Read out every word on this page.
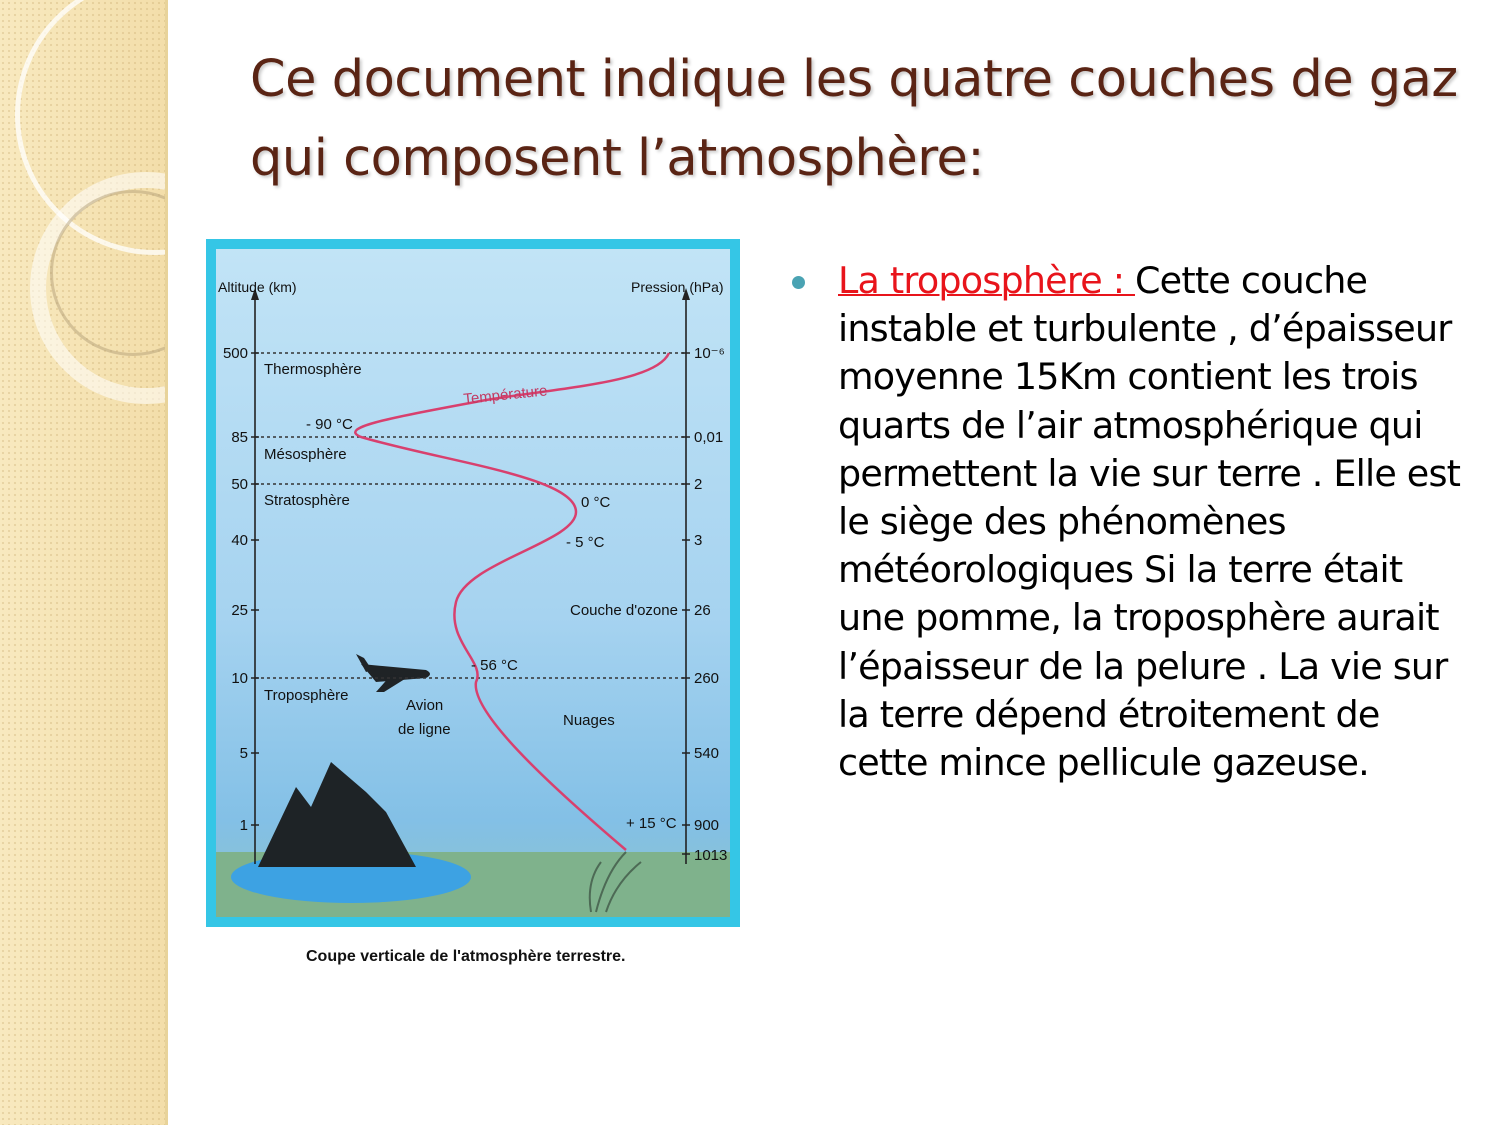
Ce document indique les quatre couches de gaz qui composent l’atmosphère:
Altitude (km)	Pression (hPa)
500
85
50
40
25
10
5
1
10⁻⁶
0,01
2
3
26
260
540
900
1013
Thermosphère
Mésosphère
Stratosphère
Troposphère
Température
- 90 °C
0 °C
- 5 °C
- 56 °C
+ 15 °C
Couche d'ozone
Avion
de ligne
Nuages
Coupe verticale de l'atmosphère terrestre.

La troposphère : Cette couche instable et turbulente , d’épaisseur moyenne 15Km contient les trois quarts de l’air atmosphérique qui permettent la vie sur terre . Elle est le siège des phénomènes météorologiques Si la terre était une pomme, la troposphère aurait l’épaisseur de la pelure . La vie sur la terre dépend étroitement de cette mince pellicule gazeuse.
